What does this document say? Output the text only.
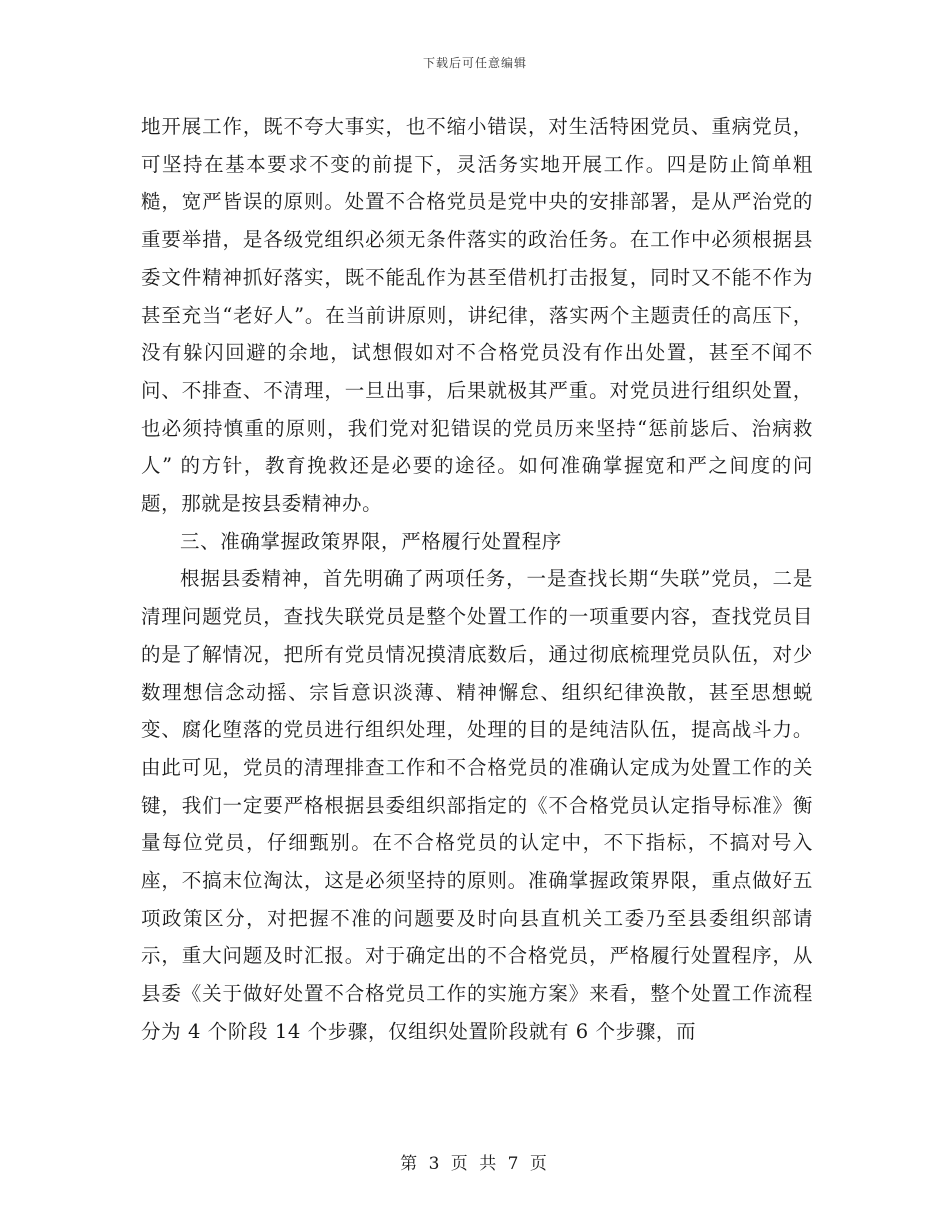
下载后可任意编辑

地开展工作，既不夸大事实，也不缩小错误，对生活特困党员、重病党员，可坚持在基本要求不变的前提下，灵活务实地开展工作。四是防止简单粗糙，宽严皆误的原则。处置不合格党员是党中央的安排部署，是从严治党的重要举措，是各级党组织必须无条件落实的政治任务。在工作中必须根据县委文件精神抓好落实，既不能乱作为甚至借机打击报复，同时又不能不作为甚至充当“老好人”。在当前讲原则，讲纪律，落实两个主题责任的高压下，没有躲闪回避的余地，试想假如对不合格党员没有作出处置，甚至不闻不问、不排查、不清理，一旦出事，后果就极其严重。对党员进行组织处置，也必须持慎重的原则，我们党对犯错误的党员历来坚持“惩前毖后、治病救人” 的方针，教育挽救还是必要的途径。如何准确掌握宽和严之间度的问题，那就是按县委精神办。

三、准确掌握政策界限，严格履行处置程序

根据县委精神，首先明确了两项任务，一是查找长期“失联”党员，二是清理问题党员，查找失联党员是整个处置工作的一项重要内容，查找党员目的是了解情况，把所有党员情况摸清底数后，通过彻底梳理党员队伍，对少数理想信念动摇、宗旨意识淡薄、精神懈怠、组织纪律涣散，甚至思想蜕变、腐化堕落的党员进行组织处理，处理的目的是纯洁队伍，提高战斗力。由此可见，党员的清理排查工作和不合格党员的准确认定成为处置工作的关键，我们一定要严格根据县委组织部指定的《不合格党员认定指导标准》衡量每位党员，仔细甄别。在不合格党员的认定中，不下指标，不搞对号入座，不搞末位淘汰，这是必须坚持的原则。准确掌握政策界限，重点做好五项政策区分，对把握不准的问题要及时向县直机关工委乃至县委组织部请示，重大问题及时汇报。对于确定出的不合格党员，严格履行处置程序，从县委《关于做好处置不合格党员工作的实施方案》来看，整个处置工作流程分为 4 个阶段 14 个步骤，仅组织处置阶段就有 6 个步骤，而

第 3 页 共 7 页
